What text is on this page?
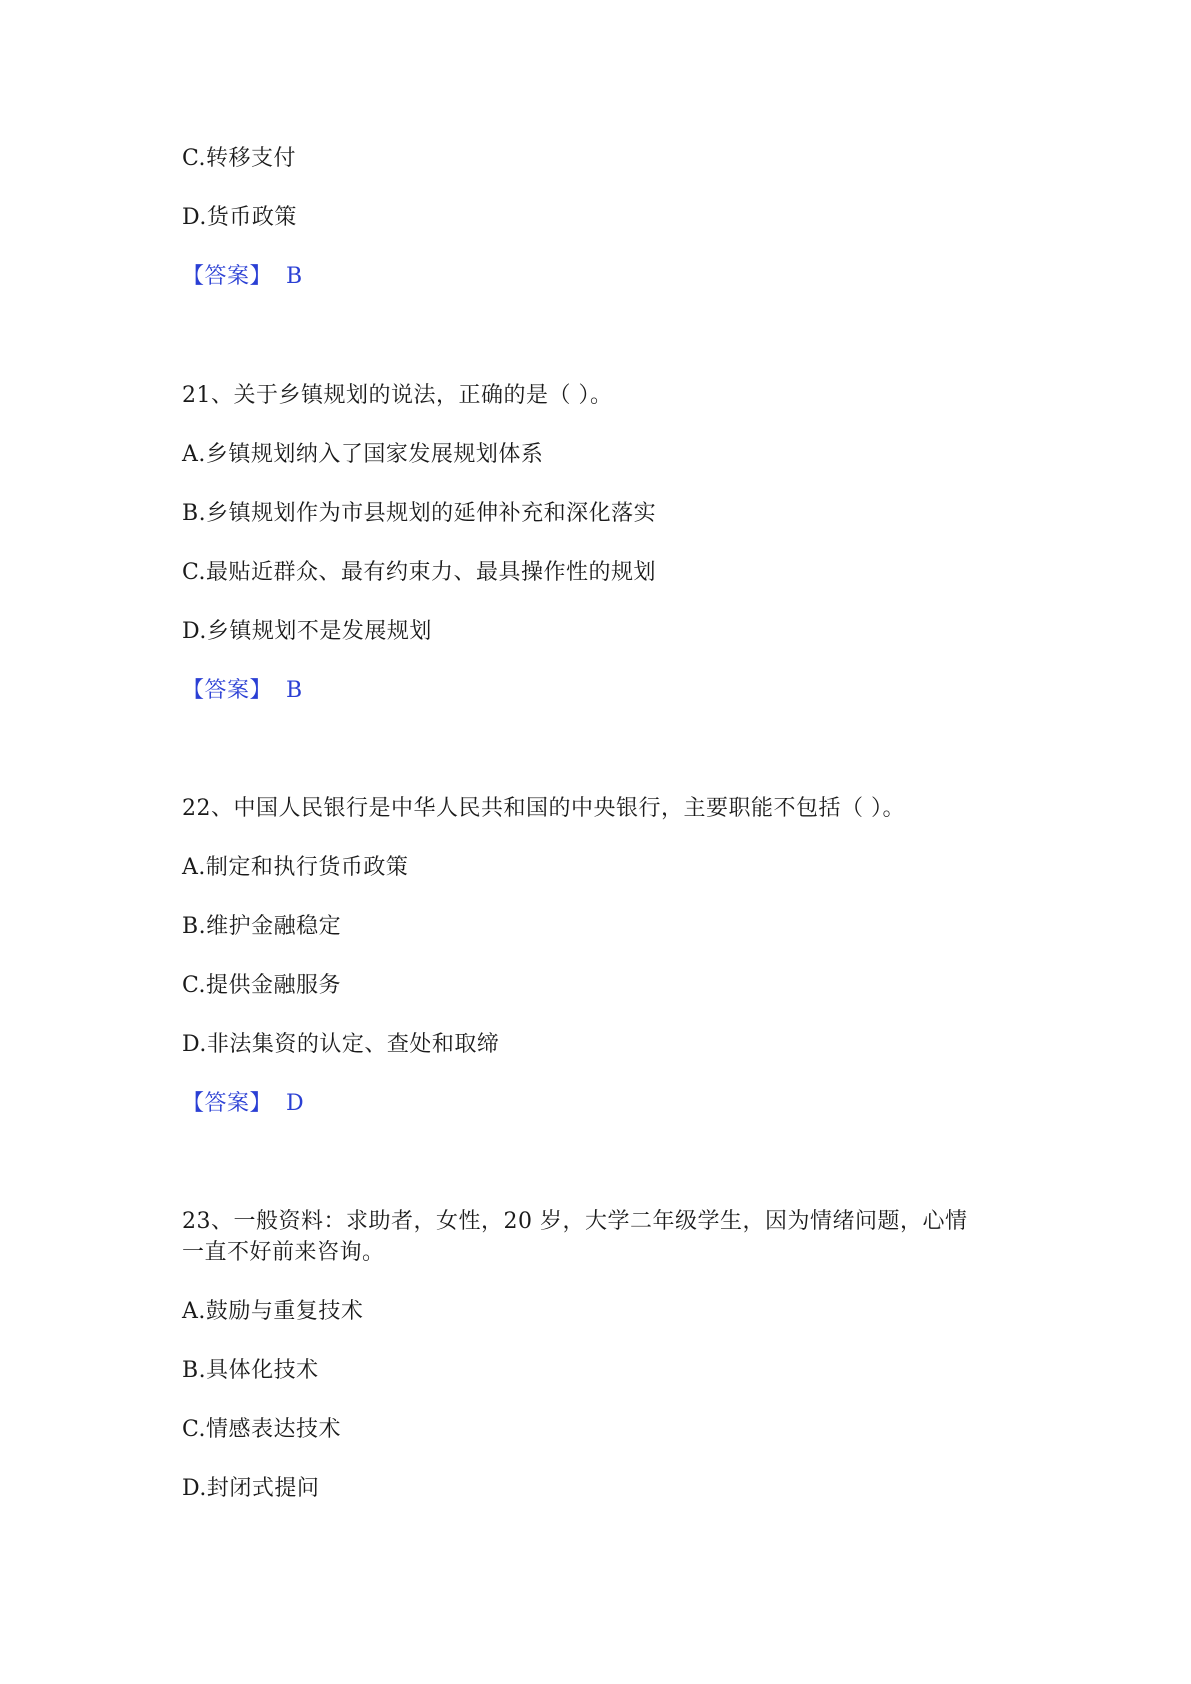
C.转移支付
D.货币政策
【答案】 B
21、关于乡镇规划的说法，正确的是（ ）。
A.乡镇规划纳入了国家发展规划体系
B.乡镇规划作为市县规划的延伸补充和深化落实
C.最贴近群众、最有约束力、最具操作性的规划
D.乡镇规划不是发展规划
【答案】 B
22、中国人民银行是中华人民共和国的中央银行，主要职能不包括（ ）。
A.制定和执行货币政策
B.维护金融稳定
C.提供金融服务
D.非法集资的认定、查处和取缔
【答案】 D
23、一般资料：求助者，女性，20 岁，大学二年级学生，因为情绪问题，心情
一直不好前来咨询。
A.鼓励与重复技术
B.具体化技术
C.情感表达技术
D.封闭式提问
